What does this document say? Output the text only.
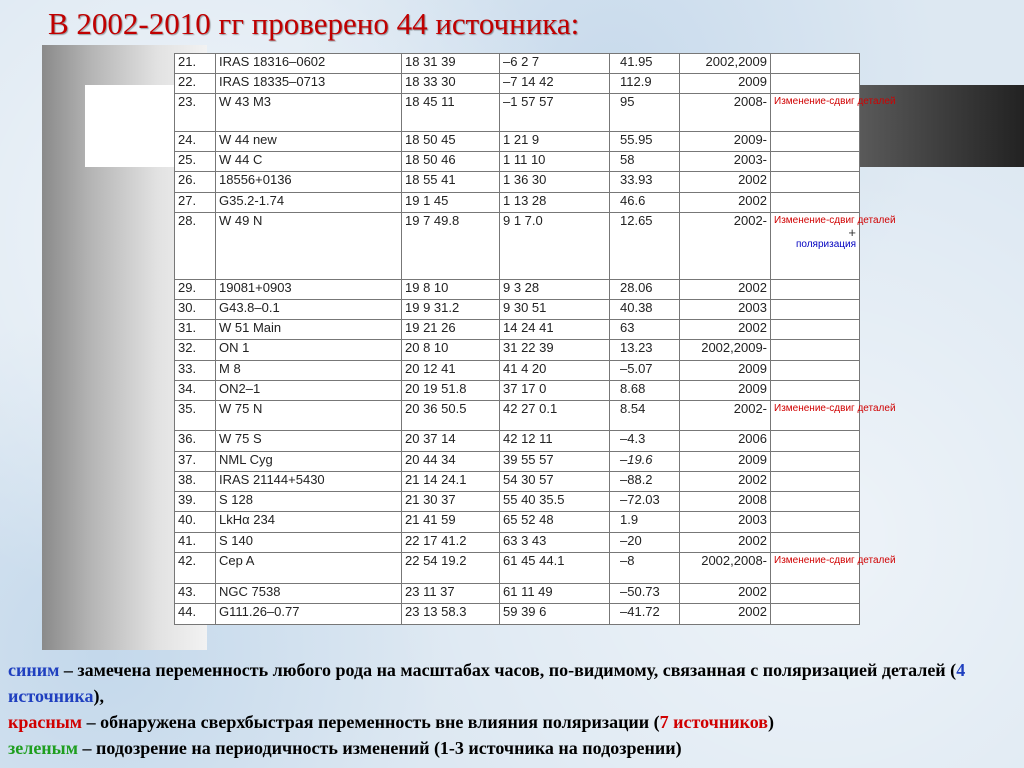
В 2002-2010 гг проверено 44 источника:
21.	IRAS 18316–0602	18 31 39	–6 2 7	41.95	2002,2009	
22.	IRAS 18335–0713	18 33 30	–7 14 42	112.9	2009	
23.	W 43 M3	18 45 11	–1 57 57	95	2008-	Изменение-сдвиг деталей
24.	W 44 new	18 50 45	1 21 9	55.95	2009-	
25.	W 44 C	18 50 46	1 11 10	58	2003-	
26.	18556+0136	18 55 41	1 36 30	33.93	2002	
27.	G35.2-1.74	19 1 45	1 13 28	46.6	2002	
28.	W 49 N	19 7 49.8	9 1 7.0	12.65	2002-	Изменение-сдвиг деталей
+
поляризация

29.	19081+0903	19 8 10	9 3 28	28.06	2002	
30.	G43.8–0.1	19 9 31.2	9 30 51	40.38	2003	
31.	W 51 Main	19 21 26	14 24 41	63	2002	
32.	ON 1	20 8 10	31 22 39	13.23	2002,2009-	
33.	M 8	20 12 41	41 4 20	–5.07	2009	
34.	ON2–1	20 19 51.8	37 17 0	8.68	2009	
35.	W 75 N	20 36 50.5	42 27 0.1	8.54	2002-	Изменение-сдвиг деталей
36.	W 75 S	20 37 14	42 12 11	–4.3	2006	
37.	NML Cyg	20 44 34	39 55 57	–19.6	2009	
38.	IRAS 21144+5430	21 14 24.1	54 30 57	–88.2	2002	
39.	S 128	21 30 37	55 40 35.5	–72.03	2008	
40.	LkHα 234	21 41 59	65 52 48	1.9	2003	
41.	S 140	22 17 41.2	63 3 43	–20	2002	
42.	Cep A	22 54 19.2	61 45 44.1	–8	2002,2008-	Изменение-сдвиг деталей
43.	NGC 7538	23 11 37	61 11 49	–50.73	2002	
44.	G111.26–0.77	23 13 58.3	59 39 6	–41.72	2002	
синим – замечена переменность любого рода на масштабах часов, по-видимому, связанная с поляризацией деталей (4 источника),
красным – обнаружена сверхбыстрая переменность вне влияния поляризации (7 источников)
зеленым – подозрение на периодичность изменений (1-3 источника на подозрении)
